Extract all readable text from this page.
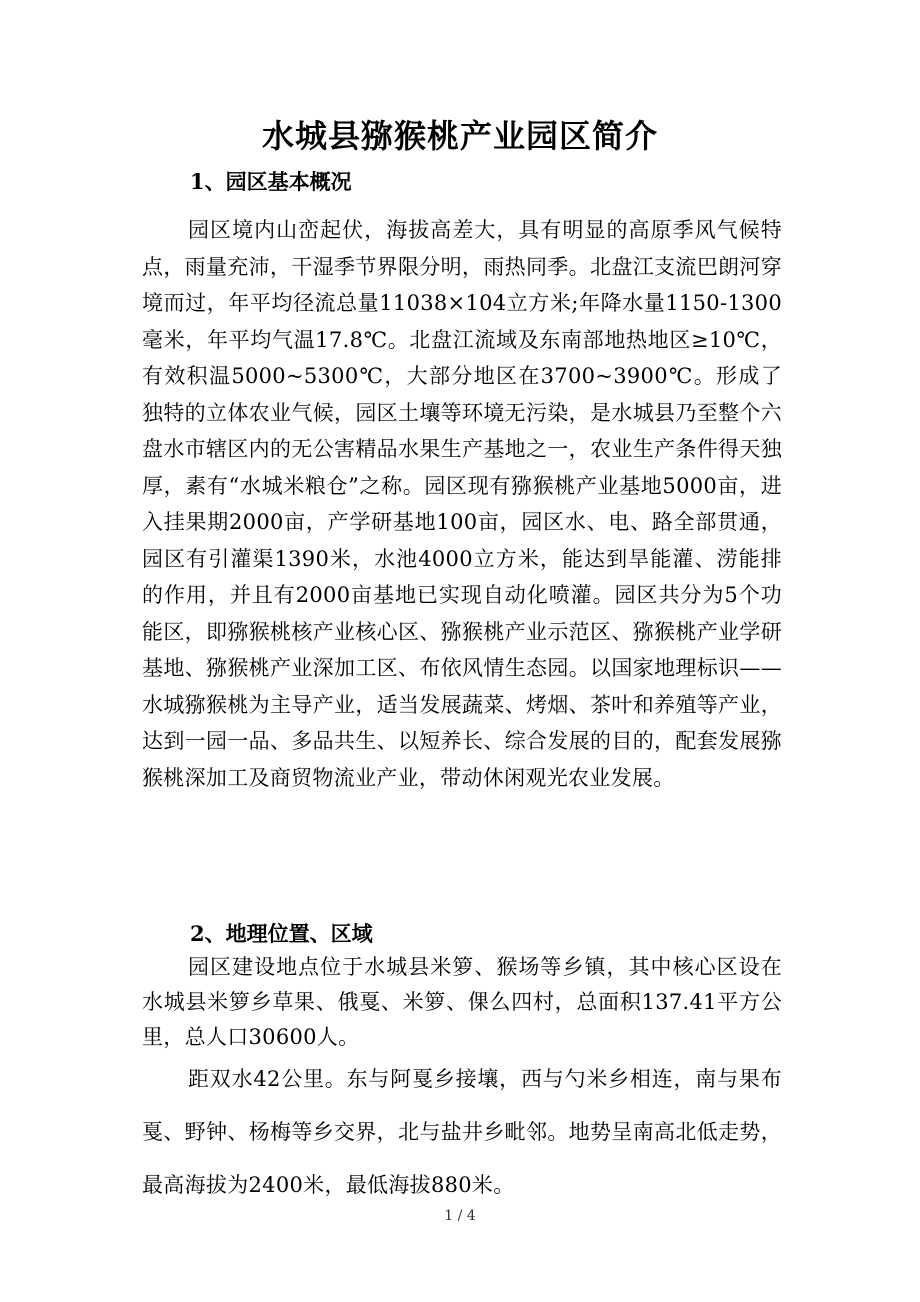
水城县猕猴桃产业园区简介
1、园区基本概况
园区境内山峦起伏，海拔高差大，具有明显的高原季风气候特点，雨量充沛，干湿季节界限分明，雨热同季。北盘江支流巴朗河穿境而过，年平均径流总量11038×104立方米;年降水量1150-1300毫米，年平均气温17.8℃。北盘江流域及东南部地热地区≥10℃，有效积温5000~5300℃，大部分地区在3700~3900℃。形成了独特的立体农业气候，园区土壤等环境无污染，是水城县乃至整个六盘水市辖区内的无公害精品水果生产基地之一，农业生产条件得天独厚，素有“水城米粮仓”之称。园区现有猕猴桃产业基地5000亩，进入挂果期2000亩，产学研基地100亩，园区水、电、路全部贯通，园区有引灌渠1390米，水池4000立方米，能达到旱能灌、涝能排的作用，并且有2000亩基地已实现自动化喷灌。园区共分为5个功能区，即猕猴桃核产业核心区、猕猴桃产业示范区、猕猴桃产业学研基地、猕猴桃产业深加工区、布依风情生态园。以国家地理标识——水城猕猴桃为主导产业，适当发展蔬菜、烤烟、茶叶和养殖等产业，达到一园一品、多品共生、以短养长、综合发展的目的，配套发展猕猴桃深加工及商贸物流业产业，带动休闲观光农业发展。
2、地理位置、区域
园区建设地点位于水城县米箩、猴场等乡镇，其中核心区设在水城县米箩乡草果、俄戛、米箩、倮么四村，总面积137.41平方公里，总人口30600人。
距双水42公里。东与阿戛乡接壤，西与勺米乡相连，南与果布戛、野钟、杨梅等乡交界，北与盐井乡毗邻。地势呈南高北低走势，最高海拔为2400米，最低海拔880米。
1 / 4
